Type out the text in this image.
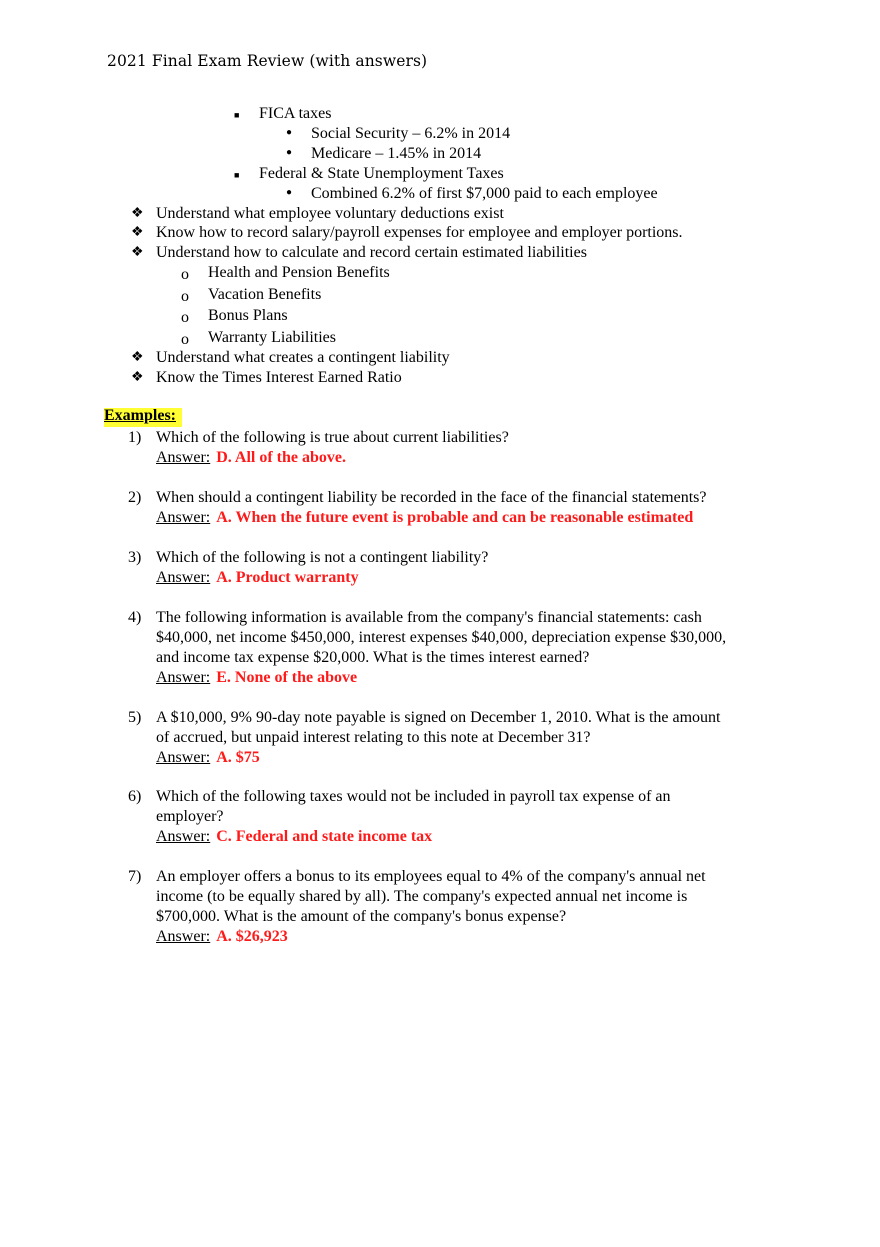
2021 Final Exam Review (with answers)
■ FICA taxes
● Social Security – 6.2% in 2014
● Medicare – 1.45% in 2014
■ Federal & State Unemployment Taxes
● Combined 6.2% of first $7,000 paid to each employee
❖ Understand what employee voluntary deductions exist
❖ Know how to record salary/payroll expenses for employee and employer portions.
❖ Understand how to calculate and record certain estimated liabilities
o Health and Pension Benefits
o Vacation Benefits
o Bonus Plans
o Warranty Liabilities
❖ Understand what creates a contingent liability
❖ Know the Times Interest Earned Ratio
Examples:
1) Which of the following is true about current liabilities?
Answer: D. All of the above.
2) When should a contingent liability be recorded in the face of the financial statements?
Answer: A. When the future event is probable and can be reasonable estimated
3) Which of the following is not a contingent liability?
Answer: A. Product warranty
4) The following information is available from the company's financial statements: cash
$40,000, net income $450,000, interest expenses $40,000, depreciation expense $30,000,
and income tax expense $20,000. What is the times interest earned?
Answer: E. None of the above
5) A $10,000, 9% 90-day note payable is signed on December 1, 2010. What is the amount
of accrued, but unpaid interest relating to this note at December 31?
Answer: A. $75
6) Which of the following taxes would not be included in payroll tax expense of an
employer?
Answer: C. Federal and state income tax
7) An employer offers a bonus to its employees equal to 4% of the company's annual net
income (to be equally shared by all). The company's expected annual net income is
$700,000. What is the amount of the company's bonus expense?
Answer: A. $26,923
